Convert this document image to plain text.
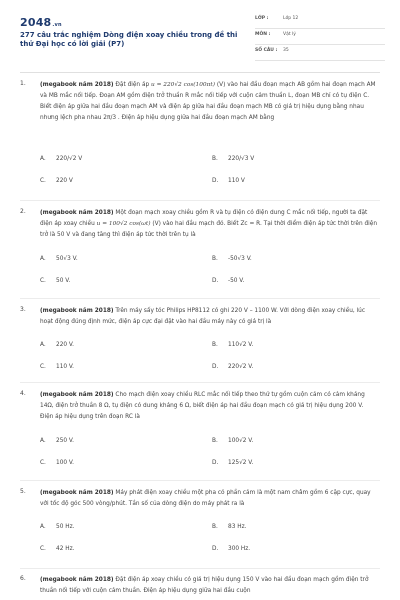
2048.vn
277 câu trắc nghiệm Dòng điện xoay chiều trong đề thi thử Đại học có lời giải (P7)
LỚP :	Lớp 12
MÔN :	Vật lý
SỐ CÂU : 35
1. (megabook năm 2018) Đặt điện áp u = 220√2 cos(100πt) (V) vào hai đầu đoạn mạch AB gồm hai đoạn mạch AM và MB mắc nối tiếp. Đoạn AM gồm điện trở thuần R mắc nối tiếp với cuộn cảm thuần L, đoạn MB chỉ có tụ điện C. Biết điện áp giữa hai đầu đoạn mạch AM và điện áp giữa hai đầu đoạn mạch MB có giá trị hiệu dụng bằng nhau nhưng lệch pha nhau 2π/3 . Điện áp hiệu dụng giữa hai đầu đoạn mạch AM bằng
A. 220/√2 V	B. 220/√3 V
C. 220 V	D. 110 V
2. (megabook năm 2018) Một đoạn mạch xoay chiều gồm R và tụ điện có điện dung C mắc nối tiếp, người ta đặt điện áp xoay chiều u = 100√2 cos(ωt) (V) vào hai đầu mạch đó. Biết Zc = R. Tại thời điểm điện áp tức thời trên điện trở là 50 V và đang tăng thì điện áp tức thời trên tụ là
A. 50√3 V.	B. -50√3 V.
C. 50 V.	D. -50 V.
3. (megabook năm 2018) Trên máy sấy tóc Philips HP8112 có ghi 220 V – 1100 W. Với dòng điện xoay chiều, lúc hoạt động đúng định mức, điện áp cực đại đặt vào hai đầu máy này có giá trị là
A. 220 V.	B. 110√2 V.
C. 110 V.	D. 220√2 V.
4. (megabook năm 2018) Cho mạch điện xoay chiều RLC mắc nối tiếp theo thứ tự gồm cuộn cảm có cảm kháng 14Ω, điện trở thuần 8 Ω, tụ điện có dung kháng 6 Ω, biết điện áp hai đầu đoạn mạch có giá trị hiệu dụng 200 V. Điện áp hiệu dụng trên đoạn RC là
A. 250 V.	B. 100√2 V.
C. 100 V.	D. 125√2 V.
5. (megabook năm 2018) Máy phát điện xoay chiều một pha có phần cảm là một nam châm gồm 6 cặp cực, quay với tốc độ góc 500 vòng/phút. Tần số của dòng điện do máy phát ra là
A. 50 Hz.	B. 83 Hz.
C. 42 Hz.	D. 300 Hz.
6. (megabook năm 2018) Đặt điện áp xoay chiều có giá trị hiệu dụng 150 V vào hai đầu đoạn mạch gồm điện trở thuần nối tiếp với cuộn cảm thuần. Điện áp hiệu dụng giữa hai đầu cuộn
